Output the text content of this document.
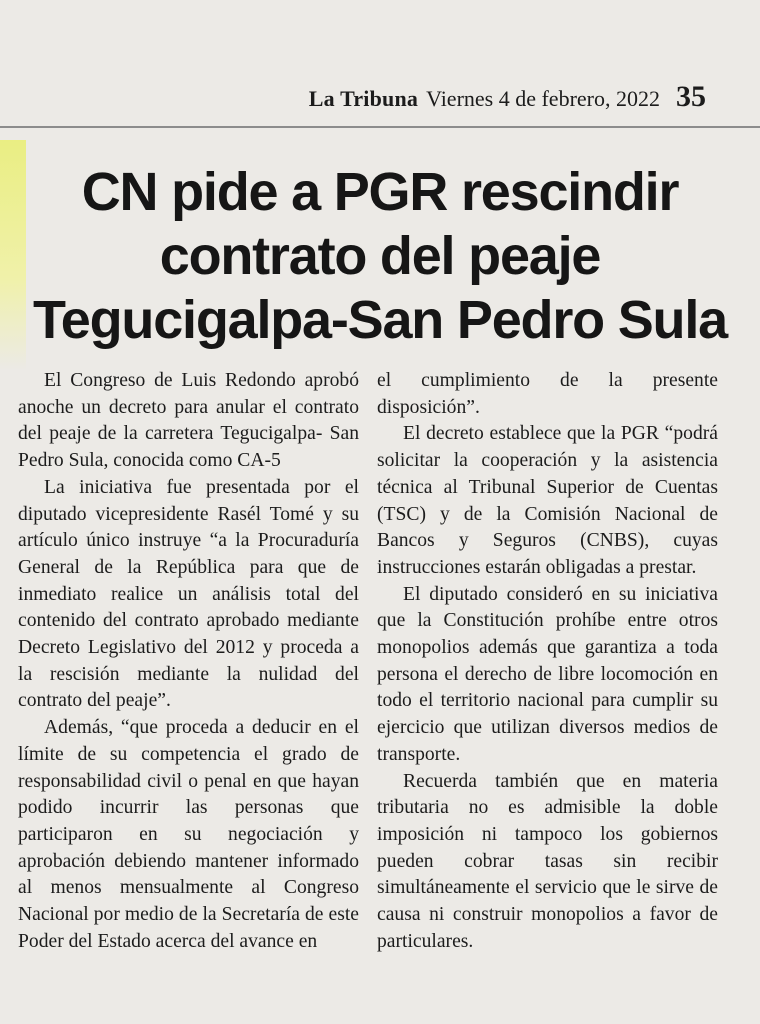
La Tribuna Viernes 4 de febrero, 2022 35
CN pide a PGR rescindir
contrato del peaje
Tegucigalpa-San Pedro Sula

El Congreso de Luis Redondo aprobó anoche un decreto para anular el contrato del peaje de la carretera Tegucigalpa- San Pedro Sula, conocida como CA-5

La iniciativa fue presentada por el diputado vicepresidente Rasél Tomé y su artículo único instruye “a la Procuraduría General de la República para que de inmediato realice un análisis total del contenido del contrato aprobado mediante Decreto Legislativo del 2012 y proceda a la rescisión mediante la nulidad del contrato del peaje”.

Además, “que proceda a deducir en el límite de su competencia el grado de responsabilidad civil o penal en que hayan podido incurrir las personas que participaron en su negociación y aprobación debiendo mantener informado al menos mensualmente al Congreso Nacional por medio de la Secretaría de este Poder del Estado acerca del avance en

el cumplimiento de la presente disposición”.

El decreto establece que la PGR “podrá solicitar la cooperación y la asistencia técnica al Tribunal Superior de Cuentas (TSC) y de la Comisión Nacional de Bancos y Seguros (CNBS), cuyas instrucciones estarán obligadas a prestar.

El diputado consideró en su iniciativa que la Constitución prohíbe entre otros monopolios además que garantiza a toda persona el derecho de libre locomoción en todo el territorio nacional para cumplir su ejercicio que utilizan diversos medios de transporte.

Recuerda también que en materia tributaria no es admisible la doble imposición ni tampoco los gobiernos pueden cobrar tasas sin recibir simultáneamente el servicio que le sirve de causa ni construir monopolios a favor de particulares.
